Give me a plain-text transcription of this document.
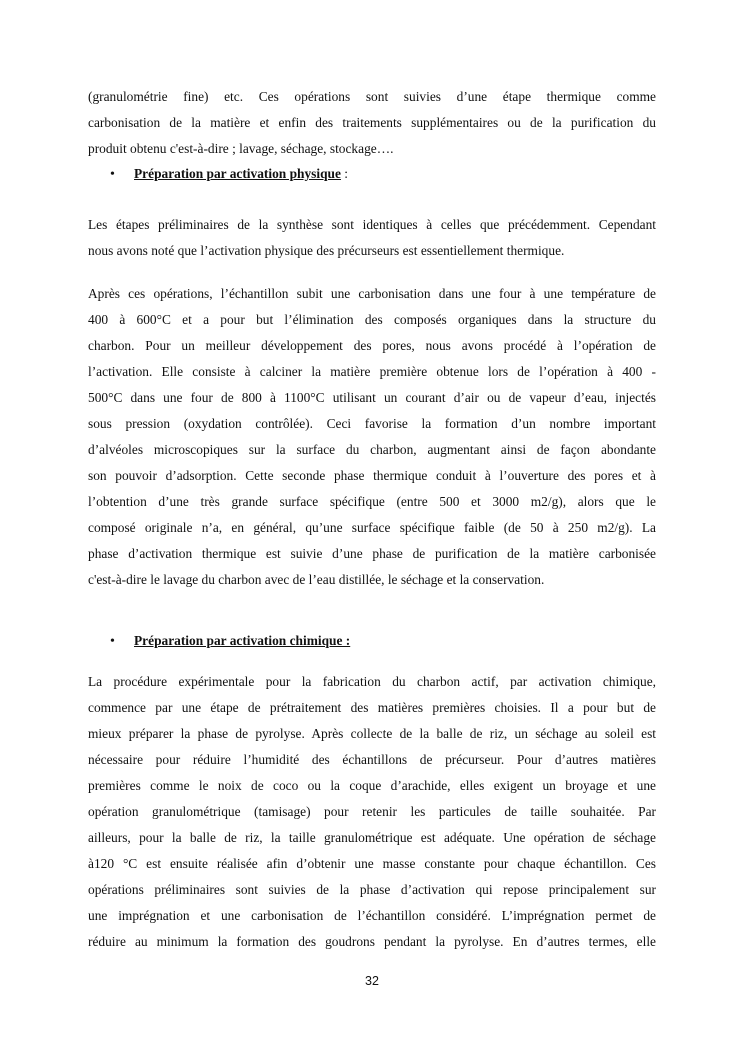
(granulométrie fine) etc. Ces opérations sont suivies d’une étape thermique comme
carbonisation de la matière et enfin des traitements supplémentaires ou de la purification du
produit obtenu c'est-à-dire ; lavage, séchage, stockage….
• Préparation par activation physique :
Les étapes préliminaires de la synthèse sont identiques à celles que précédemment. Cependant
nous avons noté que l’activation physique des précurseurs est essentiellement thermique.
Après ces opérations, l’échantillon subit une carbonisation dans une four à une température de
400 à 600°C et a pour but l’élimination des composés organiques dans la structure du
charbon. Pour un meilleur développement des pores, nous avons procédé à l’opération de
l’activation. Elle consiste à calciner la matière première obtenue lors de l’opération à 400 -
500°C dans une four de 800 à 1100°C utilisant un courant d’air ou de vapeur d’eau, injectés
sous pression (oxydation contrôlée). Ceci favorise la formation d’un nombre important
d’alvéoles microscopiques sur la surface du charbon, augmentant ainsi de façon abondante
son pouvoir d’adsorption. Cette seconde phase thermique conduit à l’ouverture des pores et à
l’obtention d’une très grande surface spécifique (entre 500 et 3000 m2/g), alors que le
composé originale n’a, en général, qu’une surface spécifique faible (de 50 à 250 m2/g). La
phase d’activation thermique est suivie d’une phase de purification de la matière carbonisée
c'est-à-dire le lavage du charbon avec de l’eau distillée, le séchage et la conservation.
• Préparation par activation chimique :
La procédure expérimentale pour la fabrication du charbon actif, par activation chimique,
commence par une étape de prétraitement des matières premières choisies. Il a pour but de
mieux préparer la phase de pyrolyse. Après collecte de la balle de riz, un séchage au soleil est
nécessaire pour réduire l’humidité des échantillons de précurseur. Pour d’autres matières
premières comme le noix de coco ou la coque d’arachide, elles exigent un broyage et une
opération granulométrique (tamisage) pour retenir les particules de taille souhaitée. Par
ailleurs, pour la balle de riz, la taille granulométrique est adéquate. Une opération de séchage
à120 °C est ensuite réalisée afin d’obtenir une masse constante pour chaque échantillon. Ces
opérations préliminaires sont suivies de la phase d’activation qui repose principalement sur
une imprégnation et une carbonisation de l’échantillon considéré. L’imprégnation permet de
réduire au minimum la formation des goudrons pendant la pyrolyse. En d’autres termes, elle
32
